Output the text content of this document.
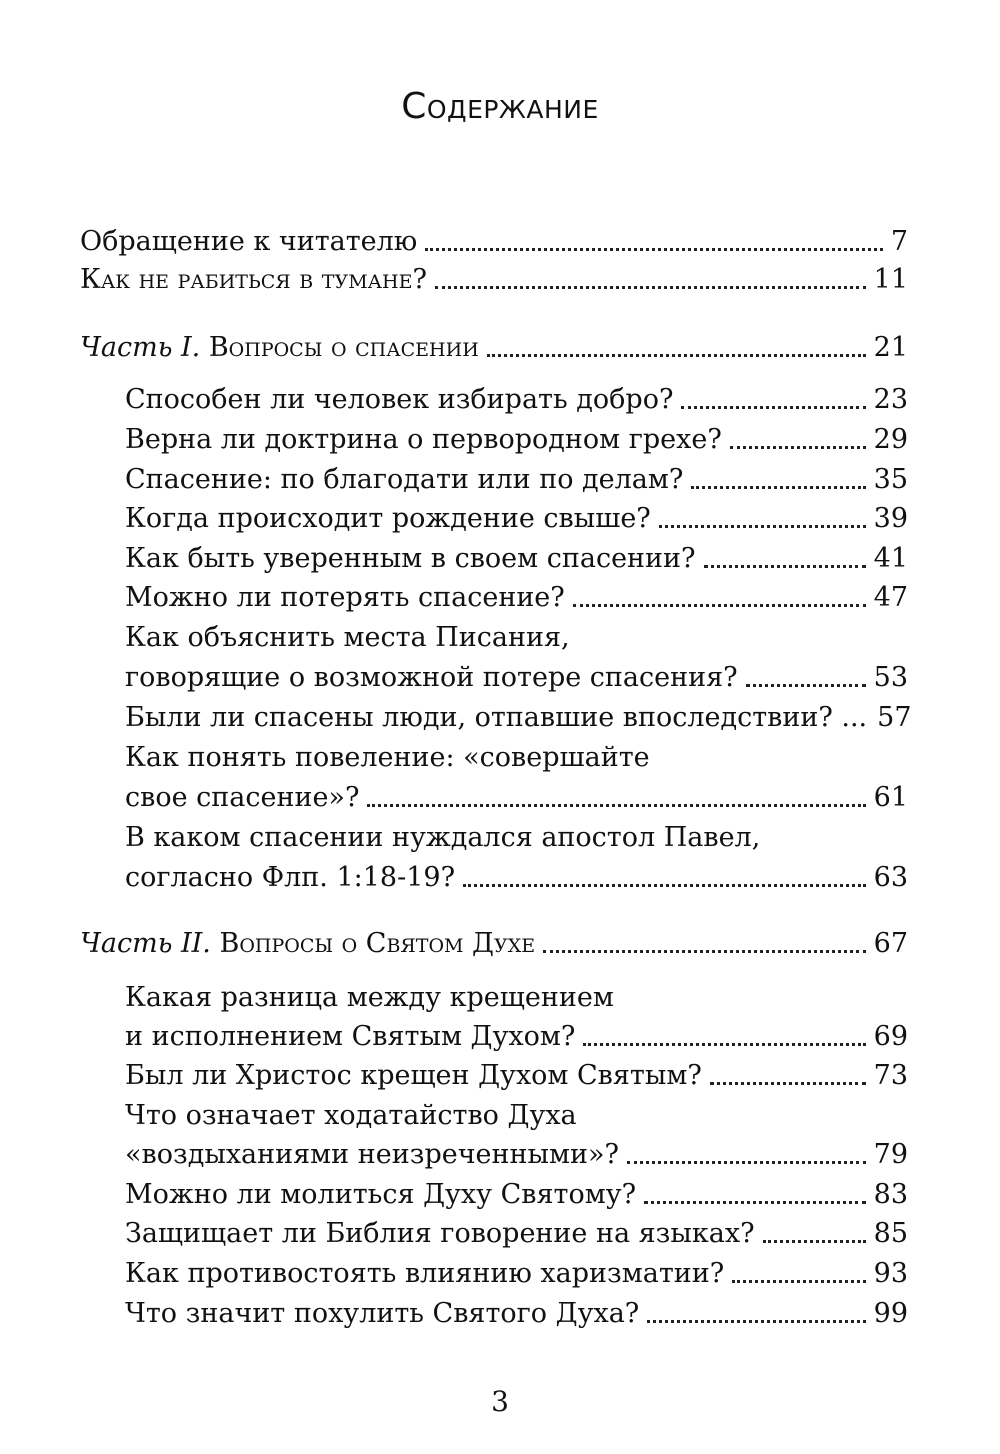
Содержание
Обращение к читателю	7
Как не рабиться в тумане?	11
Часть I. Вопросы о спасении	21
Способен ли человек избирать добро?	23
Верна ли доктрина о первородном грехе?	29
Спасение: по благодати или по делам?	35
Когда происходит рождение свыше?	39
Как быть уверенным в своем спасении?	41
Можно ли потерять спасение?	47
Как объяснить места Писания,
говорящие о возможной потере спасения?	53
Были ли спасены люди, отпавшие впоследствии? ... 57
Как понять повеление: «совершайте
свое спасение»?	61
В каком спасении нуждался апостол Павел,
согласно Флп. 1:18-19?	63
Часть II. Вопросы о Святом Духе	67
Какая разница между крещением
и исполнением Святым Духом?	69
Был ли Христос крещен Духом Святым?	73
Что означает ходатайство Духа
«воздыханиями неизреченными»?	79
Можно ли молиться Духу Святому?	83
Защищает ли Библия говорение на языках?	85
Как противостоять влиянию харизматии?	93
Что значит похулить Святого Духа?	99
3
